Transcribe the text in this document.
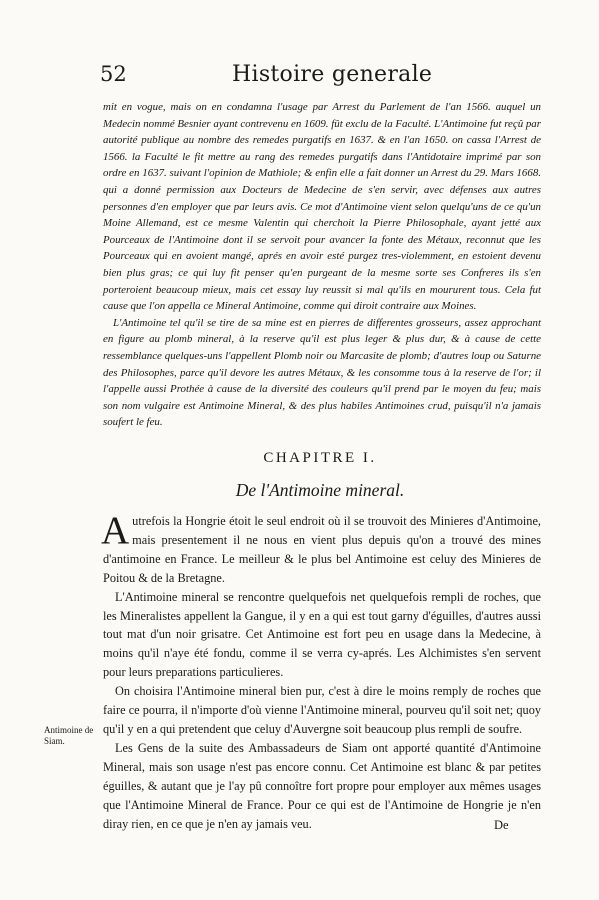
52	Histoire generale

mit en vogue, mais on en condamna l'usage par Arrest du Parlement de l'an 1566. auquel un Medecin nommé Besnier ayant contrevenu en 1609. fût exclu de la Faculté. L'Antimoine fut reçû par autorité publique au nombre des remedes purgatifs en 1637. & en l'an 1650. on cassa l'Arrest de 1566. la Faculté le fit mettre au rang des remedes purgatifs dans l'Antidotaire imprimé par son ordre en 1637. suivant l'opinion de Mathiole; & enfin elle a fait donner un Arrest du 29. Mars 1668. qui a donné permission aux Docteurs de Medecine de s'en servir, avec défenses aux autres personnes d'en employer que par leurs avis. Ce mot d'Antimoine vient selon quelqu'uns de ce qu'un Moine Allemand, est ce mesme Valentin qui cherchoit la Pierre Philosophale, ayant jetté aux Pourceaux de l'Antimoine dont il se servoit pour avancer la fonte des Métaux, reconnut que les Pourceaux qui en avoient mangé, aprés en avoir esté purgez tres-violemment, en estoient devenu bien plus gras; ce qui luy fit penser qu'en purgeant de la mesme sorte ses Confreres ils s'en porteroient beaucoup mieux, mais cet essay luy reussit si mal qu'ils en moururent tous. Cela fut cause que l'on appella ce Mineral Antimoine, comme qui diroit contraire aux Moines.

L'Antimoine tel qu'il se tire de sa mine est en pierres de differentes grosseurs, assez approchant en figure au plomb mineral, à la reserve qu'il est plus leger & plus dur, & à cause de cette ressemblance quelques-uns l'appellent Plomb noir ou Marcasite de plomb; d'autres loup ou Saturne des Philosophes, parce qu'il devore les autres Métaux, & les consomme tous à la reserve de l'or; il l'appelle aussi Prothée à cause de la diversité des couleurs qu'il prend par le moyen du feu; mais son nom vulgaire est Antimoine Mineral, & des plus habiles Antimoines crud, puisqu'il n'a jamais soufert le feu.

CHAPITRE I.
De l'Antimoine mineral.

Autrefois la Hongrie étoit le seul endroit où il se trouvoit des Minieres d'Antimoine, mais presentement il ne nous en vient plus depuis qu'on a trouvé des mines d'antimoine en France. Le meilleur & le plus bel Antimoine est celuy des Minieres de Poitou & de la Bretagne.

L'Antimoine mineral se rencontre quelquefois net quelquefois rempli de roches, que les Mineralistes appellent la Gangue, il y en a qui est tout garny d'éguilles, d'autres aussi tout mat d'un noir grisatre. Cet Antimoine est fort peu en usage dans la Medecine, à moins qu'il n'aye été fondu, comme il se verra cy-aprés. Les Alchimistes s'en servent pour leurs preparations particulieres.

On choisira l'Antimoine mineral bien pur, c'est à dire le moins remply de roches que faire ce pourra, il n'importe d'où vienne l'Antimoine mineral, pourveu qu'il soit net; quoy qu'il y en a qui pretendent que celuy d'Auvergne soit beaucoup plus rempli de soufre.

Les Gens de la suite des Ambassadeurs de Siam ont apporté quantité d'Antimoine Mineral, mais son usage n'est pas encore connu. Cet Antimoine est blanc & par petites éguilles, & autant que je l'ay pû connoître fort propre pour employer aux mêmes usages que l'Antimoine Mineral de France. Pour ce qui est de l'Antimoine de Hongrie je n'en diray rien, en ce que je n'en ay jamais veu.

Antimoine de Siam.
De
